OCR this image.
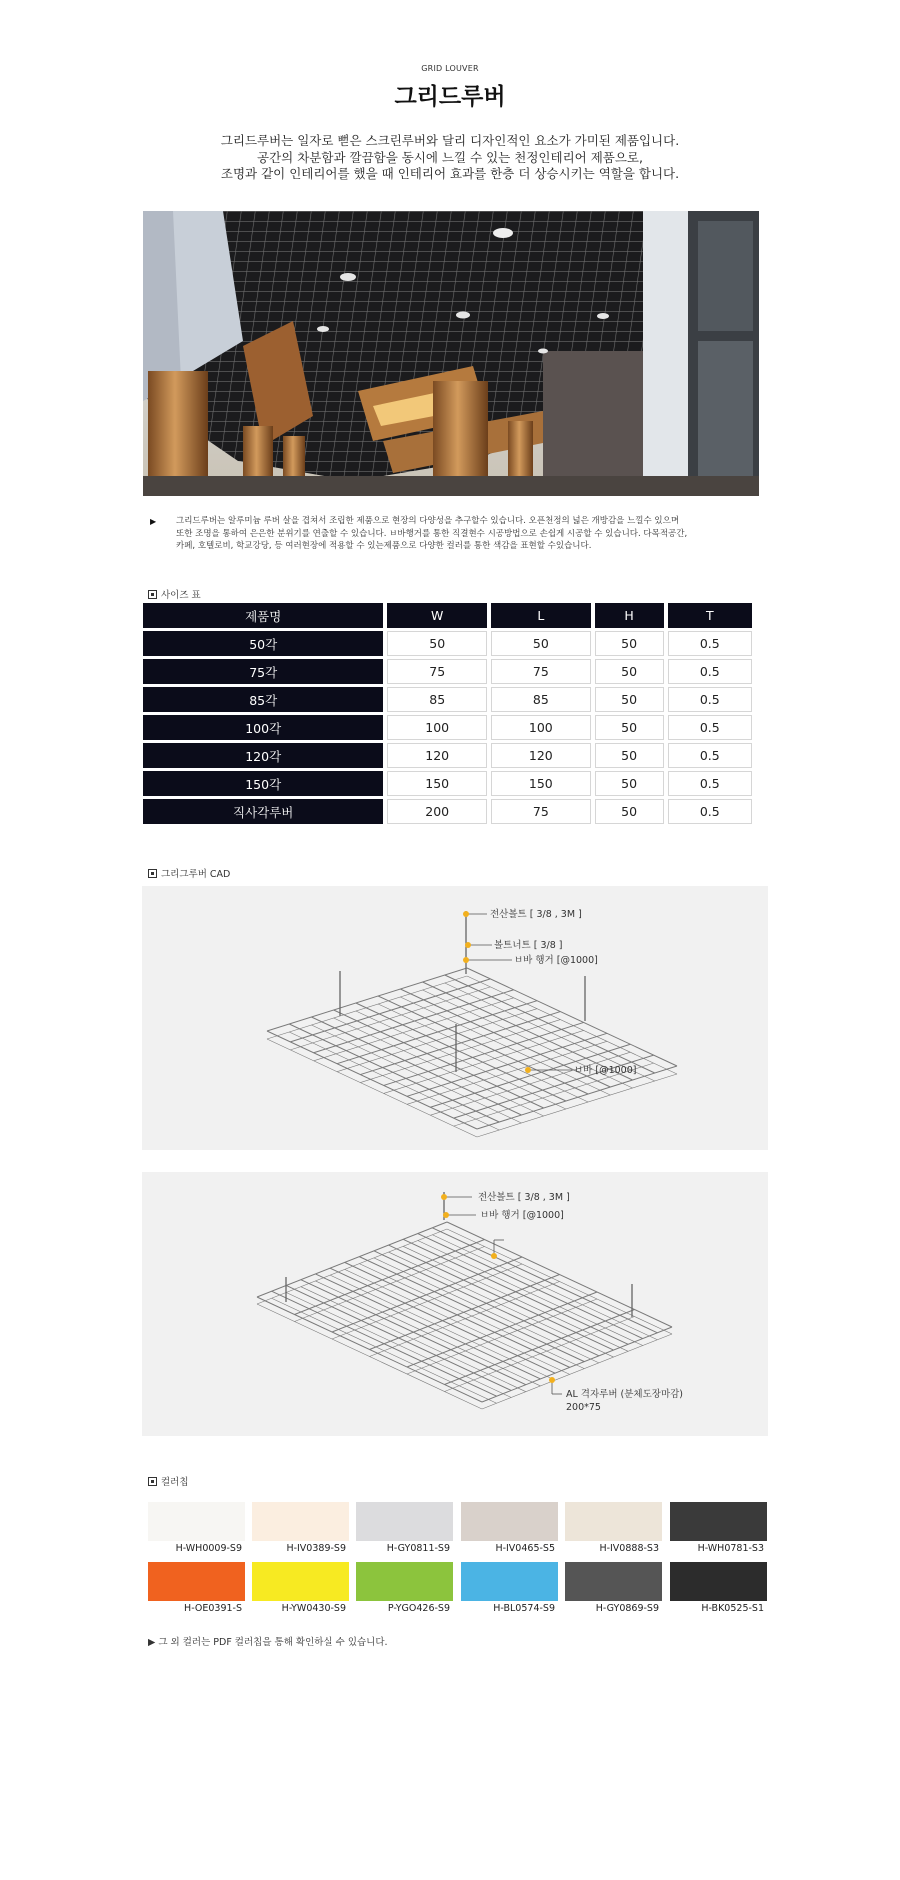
GRID LOUVER
그리드루버
그리드루버는 일자로 뻗은 스크린루버와 달리 디자인적인 요소가 가미된 제품입니다.
공간의 차분함과 깔끔함을 동시에 느낄 수 있는 천정인테리어 제품으로,
조명과 같이 인테리어를 했을 때 인테리어 효과를 한층 더 상승시키는 역할을 합니다.
▶ 그리드루버는 알루미늄 루버 살을 겹쳐서 조립한 제품으로 현장의 다양성을 추구할수 있습니다. 오픈천정의 넓은 개방감을 느낄수 있으며
또한 조명을 통하여 은은한 분위기를 연출할 수 있습니다. ㅂ바행거를 통한 직결현수 시공방법으로 손쉽게 시공할 수 있습니다. 다목적공간,
카페, 호텔로비, 학교강당, 등 여러현장에 적용할 수 있는제품으로 다양한 컬러를 통한 색감을 표현할 수있습니다.
사이즈 표
제품명	W	L	H	T
50각	50	50	50	0.5
75각	75	75	50	0.5
85각	85	85	50	0.5
100각	100	100	50	0.5
120각	120	120	50	0.5
150각	150	150	50	0.5
직사각루버	200	75	50	0.5
그리그루버 CAD
전산볼트 [ 3/8 , 3M ]
볼트너트 [ 3/8 ]
ㅂ바 행거 [@1000]
ㅂ바 [@1000]
전산볼트 [ 3/8 , 3M ]
ㅂ바 행거 [@1000]
AL 격자루버 (분체도장마감)
200*75
컬러칩
H-WH0009-S9	H-IV0389-S9	H-GY0811-S9	H-IV0465-S5	H-IV0888-S3	H-WH0781-S3
H-OE0391-S	H-YW0430-S9	P-YGO426-S9	H-BL0574-S9	H-GY0869-S9	H-BK0525-S1
▶ 그 외 컬러는 PDF 컬러칩을 통해 확인하실 수 있습니다.
